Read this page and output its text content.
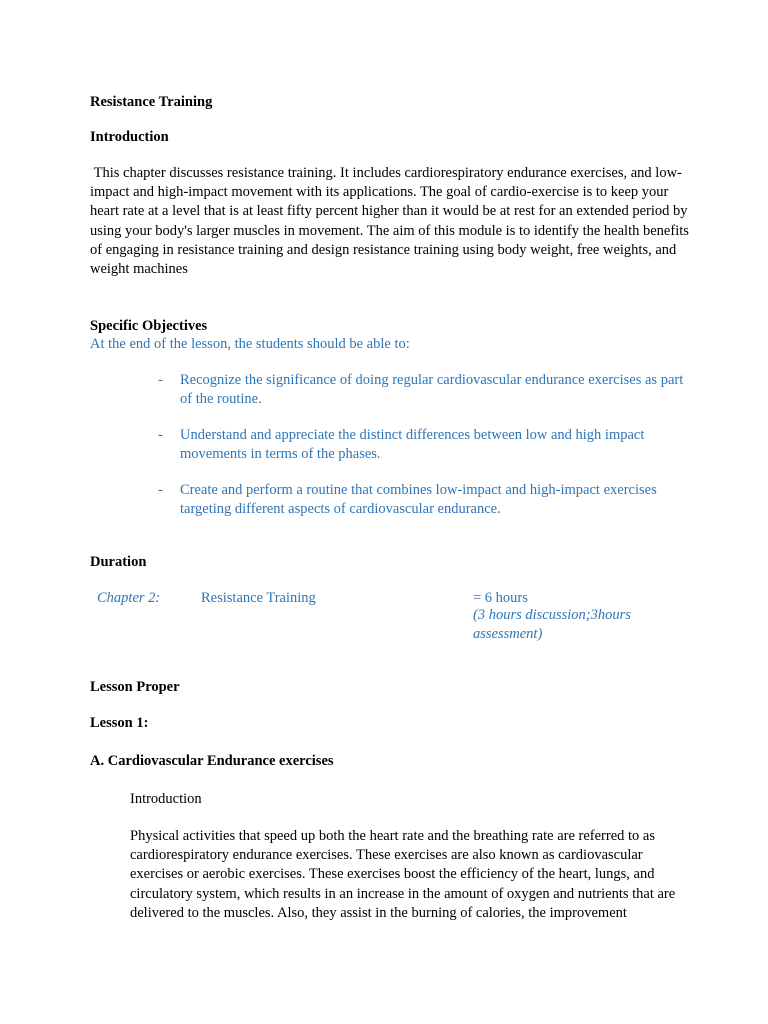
Resistance Training
Introduction
This chapter discusses resistance training. It includes cardiorespiratory endurance exercises, and low-impact and high-impact movement with its applications. The goal of cardio-exercise is to keep your heart rate at a level that is at least fifty percent higher than it would be at rest for an extended period by using your body's larger muscles in movement. The aim of this module is to identify the health benefits of engaging in resistance training and design resistance training using body weight, free weights, and weight machines
Specific Objectives
At the end of the lesson, the students should be able to:
- Recognize the significance of doing regular cardiovascular endurance exercises as part of the routine.
- Understand and appreciate the distinct differences between low and high impact movements in terms of the phases.
- Create and perform a routine that combines low-impact and high-impact exercises targeting different aspects of cardiovascular endurance.
Duration
Chapter 2:	Resistance Training	= 6 hours
(3 hours discussion;3hours assessment)
Lesson Proper
Lesson 1:
A. Cardiovascular Endurance exercises
Introduction
Physical activities that speed up both the heart rate and the breathing rate are referred to as cardiorespiratory endurance exercises. These exercises are also known as cardiovascular exercises or aerobic exercises. These exercises boost the efficiency of the heart, lungs, and circulatory system, which results in an increase in the amount of oxygen and nutrients that are delivered to the muscles. Also, they assist in the burning of calories, the improvement
